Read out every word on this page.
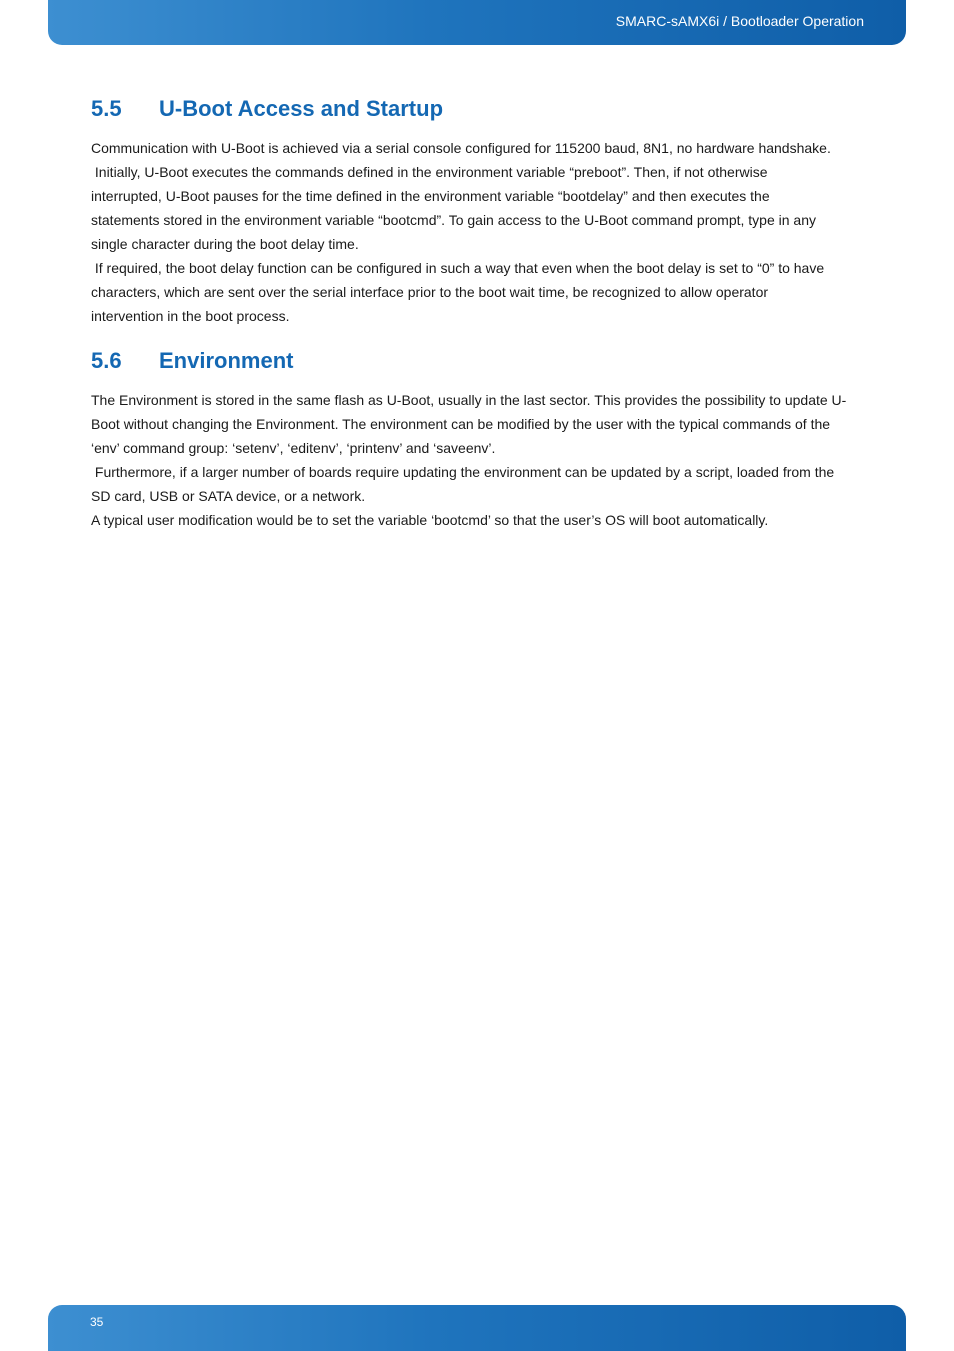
SMARC-sAMX6i / Bootloader Operation
5.5	U-Boot Access and Startup

Communication with U-Boot is achieved via a serial console configured for 115200 baud, 8N1, no hardware handshake.
Initially, U-Boot executes the commands defined in the environment variable “preboot”. Then, if not otherwise
interrupted, U-Boot pauses for the time defined in the environment variable “bootdelay” and then executes the
statements stored in the environment variable “bootcmd”. To gain access to the U-Boot command prompt, type in any
single character during the boot delay time.

If required, the boot delay function can be configured in such a way that even when the boot delay is set to “0” to have
characters, which are sent over the serial interface prior to the boot wait time, be recognized to allow operator
intervention in the boot process.

5.6	Environment

The Environment is stored in the same flash as U-Boot, usually in the last sector. This provides the possibility to update U-
Boot without changing the Environment. The environment can be modified by the user with the typical commands of the
‘env’ command group: ‘setenv’, ‘editenv’, ‘printenv’ and ‘saveenv’.

Furthermore, if a larger number of boards require updating the environment can be updated by a script, loaded from the
SD card, USB or SATA device, or a network.

A typical user modification would be to set the variable ‘bootcmd’ so that the user’s OS will boot automatically.

35
